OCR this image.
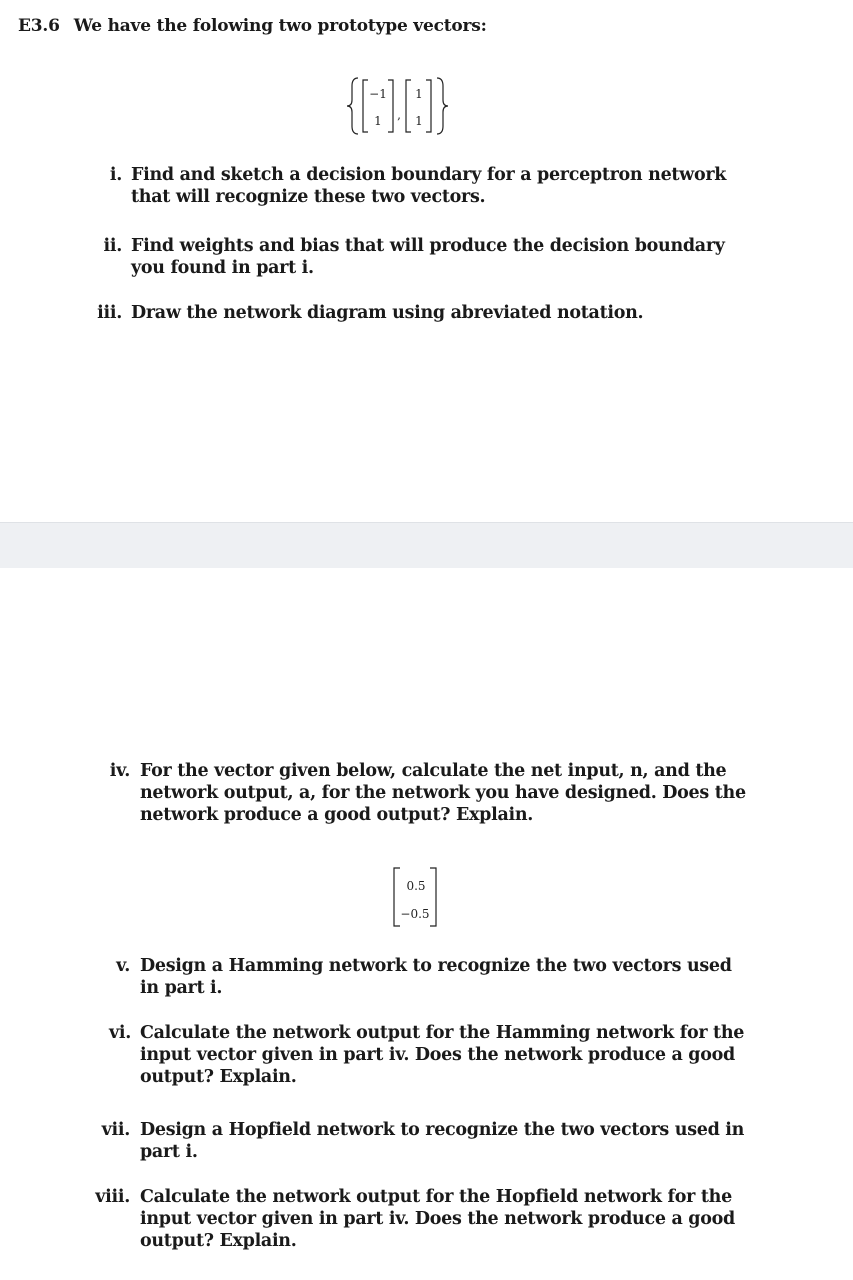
E3.6 We have the folowing two prototype vectors:
−1
1 ,
1
1
i. Find and sketch a decision boundary for a perceptron network that will recognize these two vectors.
ii. Find weights and bias that will produce the decision boundary you found in part i.
iii. Draw the network diagram using abreviated notation.
iv. For the vector given below, calculate the net input, n, and the network output, a, for the network you have designed. Does the network produce a good output? Explain.
0.5
−0.5
v. Design a Hamming network to recognize the two vectors used in part i.
vi. Calculate the network output for the Hamming network for the input vector given in part iv. Does the network produce a good output? Explain.
vii. Design a Hopfield network to recognize the two vectors used in part i.
viii. Calculate the network output for the Hopfield network for the input vector given in part iv. Does the network produce a good output? Explain.
